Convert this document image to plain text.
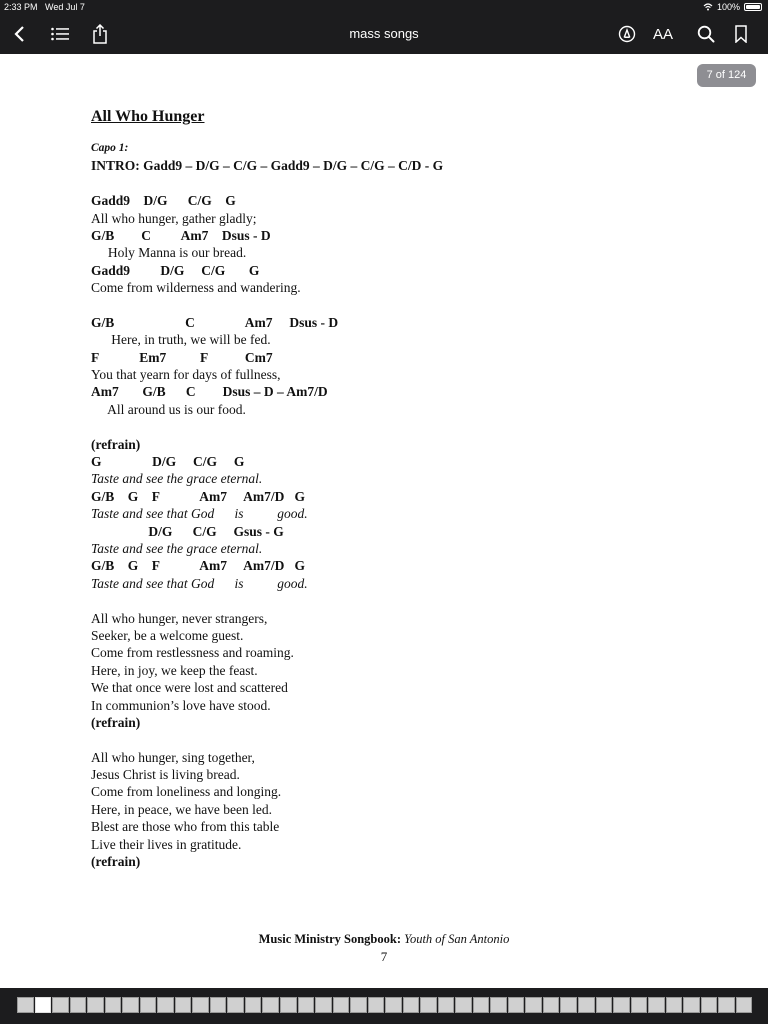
2:33 PM Wed Jul 7	100%
mass songs	AA
7 of 124
All Who Hunger
Capo 1:
INTRO: Gadd9 – D/G – C/G – Gadd9 – D/G – C/G – C/D - G
Gadd9    D/G      C/G    G
All who hunger, gather gladly;
G/B        C         Am7    Dsus - D
Holy Manna is our bread.
Gadd9         D/G     C/G       G
Come from wilderness and wandering.
G/B                     C               Am7     Dsus - D
Here, in truth, we will be fed.
F            Em7          F           Cm7
You that yearn for days of fullness,
Am7       G/B      C        Dsus – D – Am7/D
All around us is our food.
(refrain)
G               D/G     C/G     G
Taste and see the grace eternal.
G/B    G    F            Am7     Am7/D   G
Taste and see that God      is          good.
D/G      C/G     Gsus - G
Taste and see the grace eternal.
G/B    G    F            Am7     Am7/D   G
Taste and see that God      is          good.
All who hunger, never strangers,
Seeker, be a welcome guest.
Come from restlessness and roaming.
Here, in joy, we keep the feast.
We that once were lost and scattered
In communion’s love have stood.
(refrain)
All who hunger, sing together,
Jesus Christ is living bread.
Come from loneliness and longing.
Here, in peace, we have been led.
Blest are those who from this table
Live their lives in gratitude.
(refrain)
Music Ministry Songbook: Youth of San Antonio
7
